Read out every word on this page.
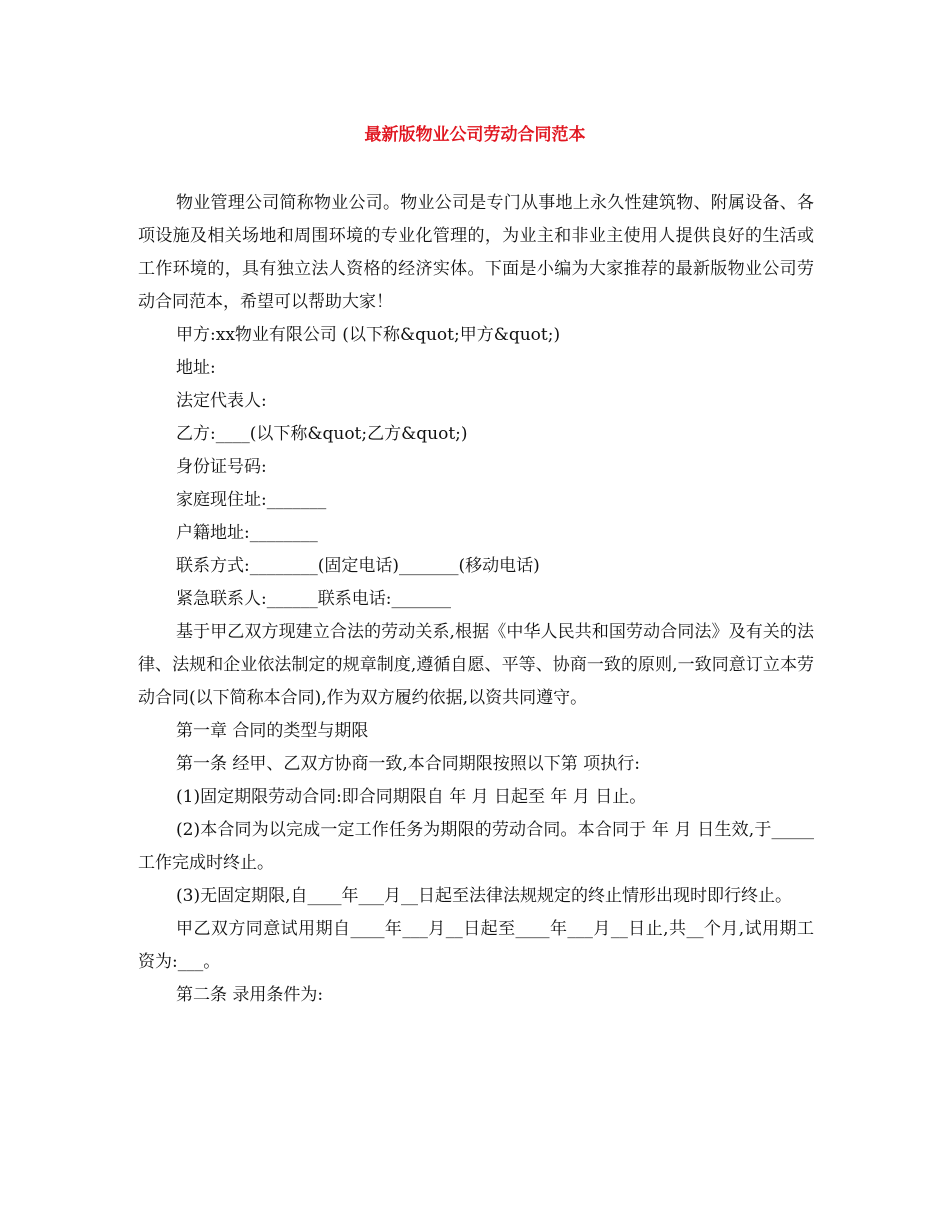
最新版物业公司劳动合同范本

物业管理公司简称物业公司。物业公司是专门从事地上永久性建筑物、附属设备、各项设施及相关场地和周围环境的专业化管理的，为业主和非业主使用人提供良好的生活或工作环境的，具有独立法人资格的经济实体。下面是小编为大家推荐的最新版物业公司劳动合同范本，希望可以帮助大家！

甲方:xx物业有限公司 (以下称&quot;甲方&quot;)

地址:

法定代表人:

乙方:____(以下称&quot;乙方&quot;)

身份证号码:

家庭现住址:_______

户籍地址:________

联系方式:________(固定电话)_______(移动电话)

紧急联系人:______联系电话:_______

基于甲乙双方现建立合法的劳动关系,根据《中华人民共和国劳动合同法》及有关的法律、法规和企业依法制定的规章制度,遵循自愿、平等、协商一致的原则,一致同意订立本劳动合同(以下简称本合同),作为双方履约依据,以资共同遵守。

第一章 合同的类型与期限

第一条 经甲、乙双方协商一致,本合同期限按照以下第 项执行:

(1)固定期限劳动合同:即合同期限自 年 月 日起至 年 月 日止。

(2)本合同为以完成一定工作任务为期限的劳动合同。本合同于 年 月 日生效,于_____工作完成时终止。

(3)无固定期限,自____年___月__日起至法律法规规定的终止情形出现时即行终止。

甲乙双方同意试用期自____年___月__日起至____年___月__日止,共__个月,试用期工资为:___。

第二条 录用条件为:
